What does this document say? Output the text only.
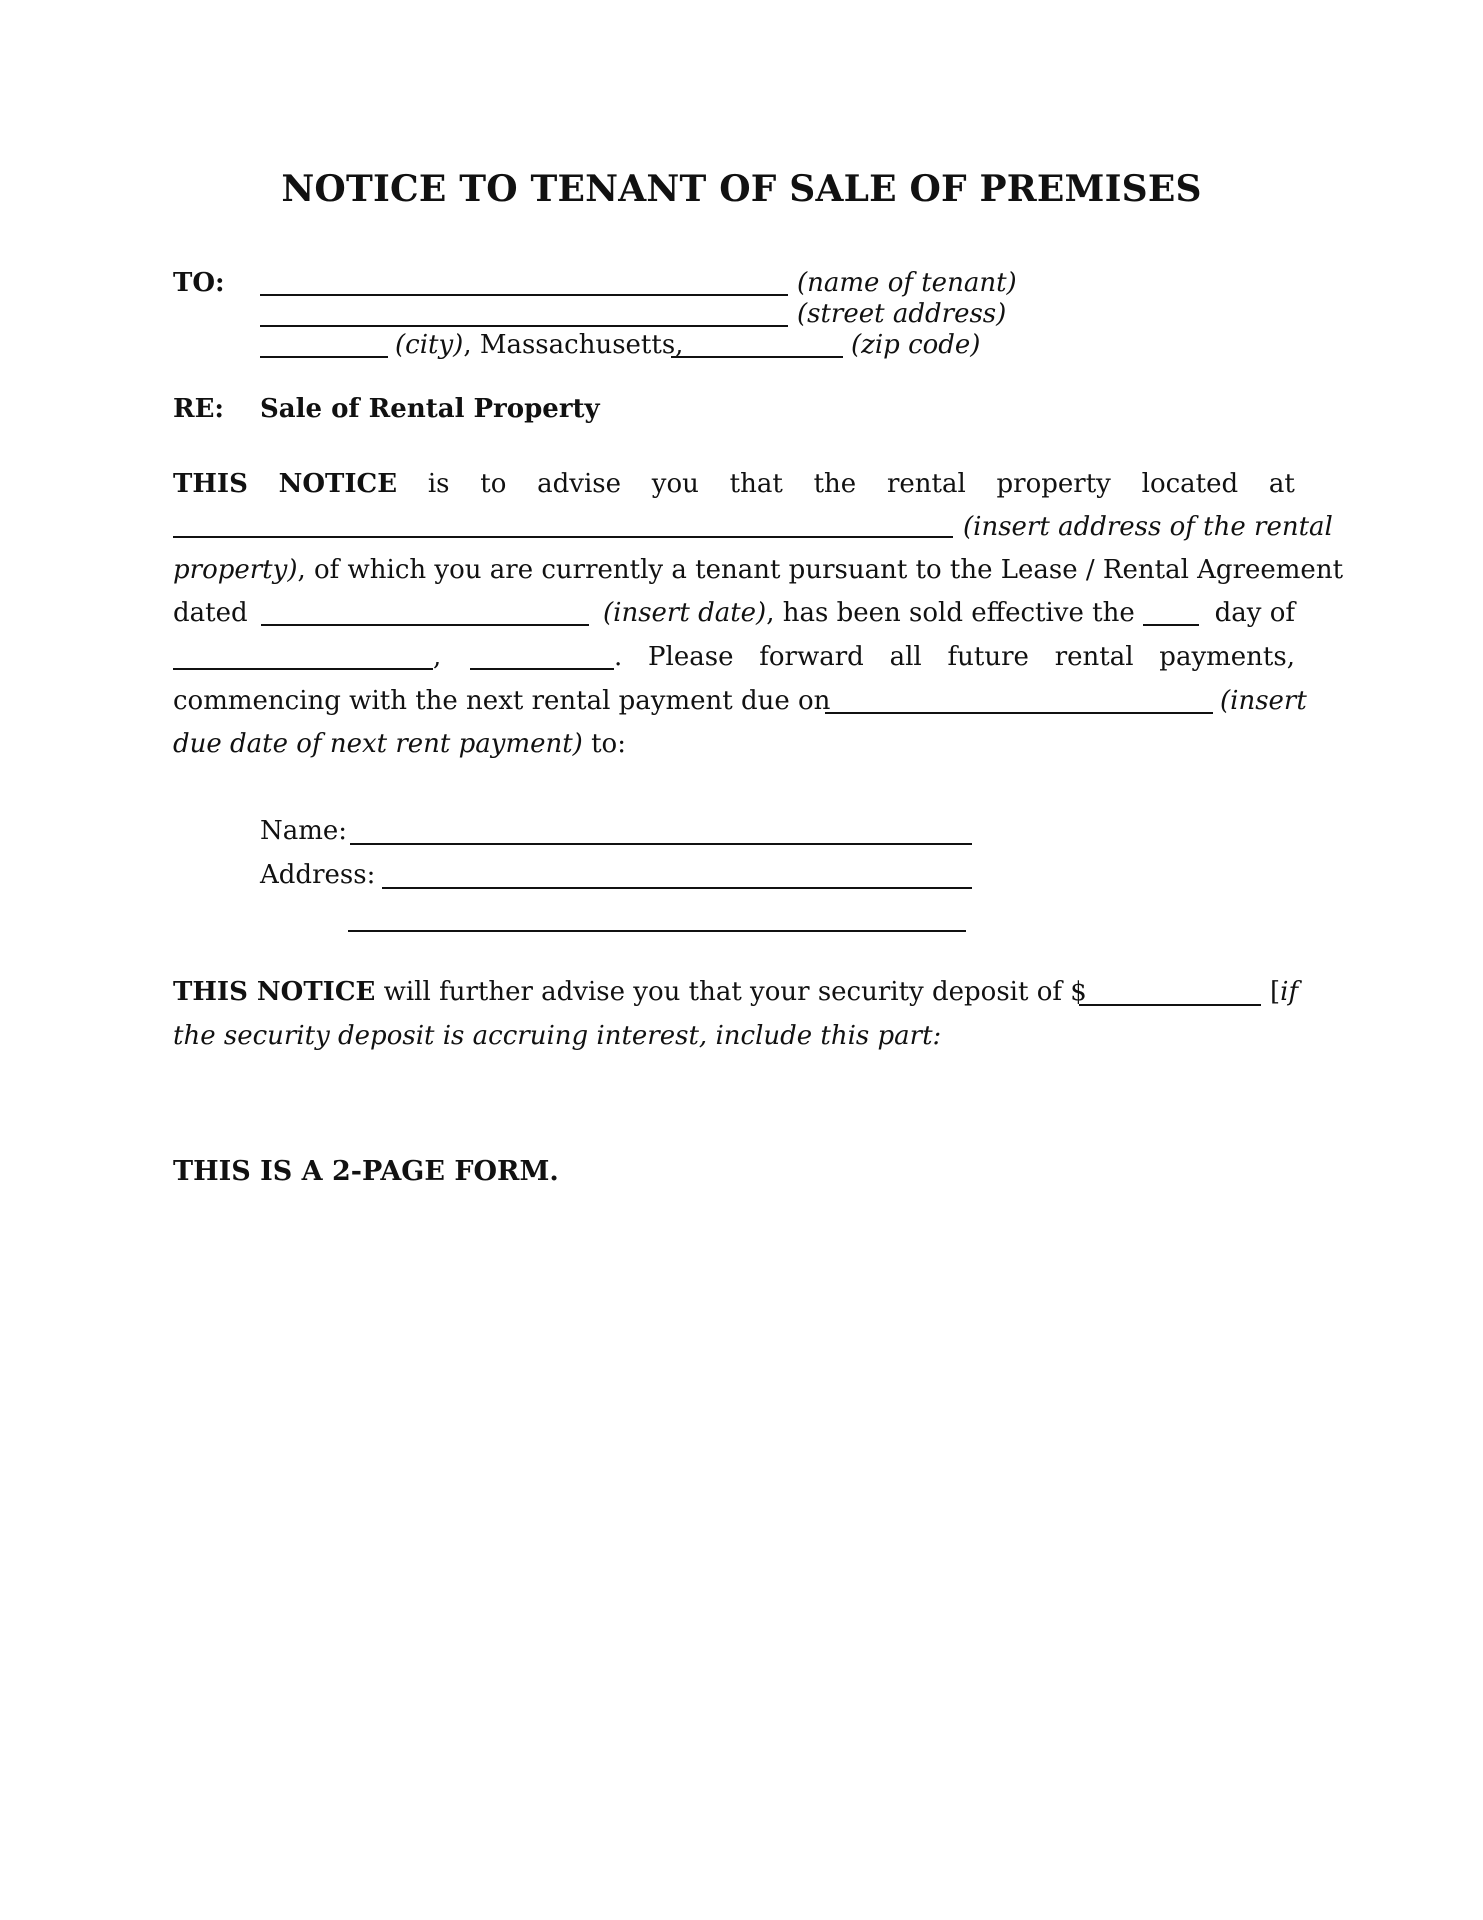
NOTICE TO TENANT OF SALE OF PREMISES
TO:	(name of tenant)
(street address)
(city), Massachusetts,	(zip code)
RE: Sale of Rental Property
THIS NOTICE is to advise you that the rental property located at
(insert address of the rental
property), of which you are currently a tenant pursuant to the Lease / Rental Agreement
dated	(insert date), has been sold effective the	day of
,	. Please forward all future rental payments,
commencing with the next rental payment due on	(insert
due date of next rent payment) to:
Name:
Address:
THIS NOTICE will further advise you that your security deposit of $	[if
the security deposit is accruing interest, include this part:
THIS IS A 2-PAGE FORM.
